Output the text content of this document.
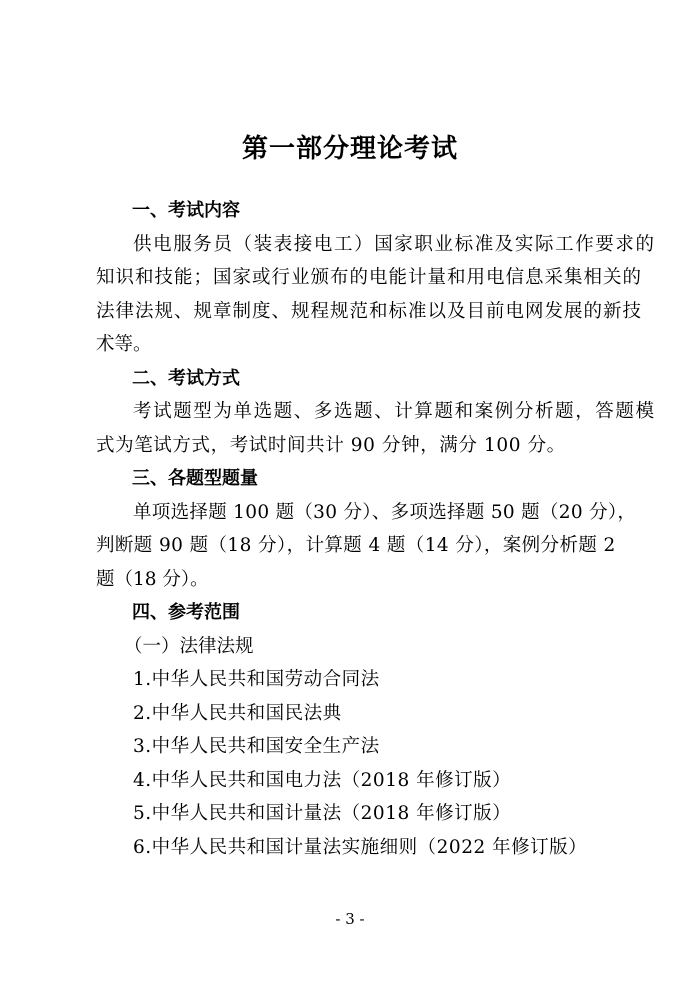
第一部分理论考试
一、考试内容
供电服务员（装表接电工）国家职业标准及实际工作要求的
知识和技能；国家或行业颁布的电能计量和用电信息采集相关的
法律法规、规章制度、规程规范和标准以及目前电网发展的新技
术等。
二、考试方式
考试题型为单选题、多选题、计算题和案例分析题，答题模
式为笔试方式，考试时间共计 90 分钟，满分 100 分。
三、各题型题量
单项选择题 100 题（30 分）、多项选择题 50 题（20 分），
判断题 90 题（18 分），计算题 4 题（14 分），案例分析题 2
题（18 分）。
四、参考范围
（一）法律法规
1.中华人民共和国劳动合同法
2.中华人民共和国民法典
3.中华人民共和国安全生产法
4.中华人民共和国电力法（2018 年修订版）
5.中华人民共和国计量法（2018 年修订版）
6.中华人民共和国计量法实施细则（2022 年修订版）
- 3 -
